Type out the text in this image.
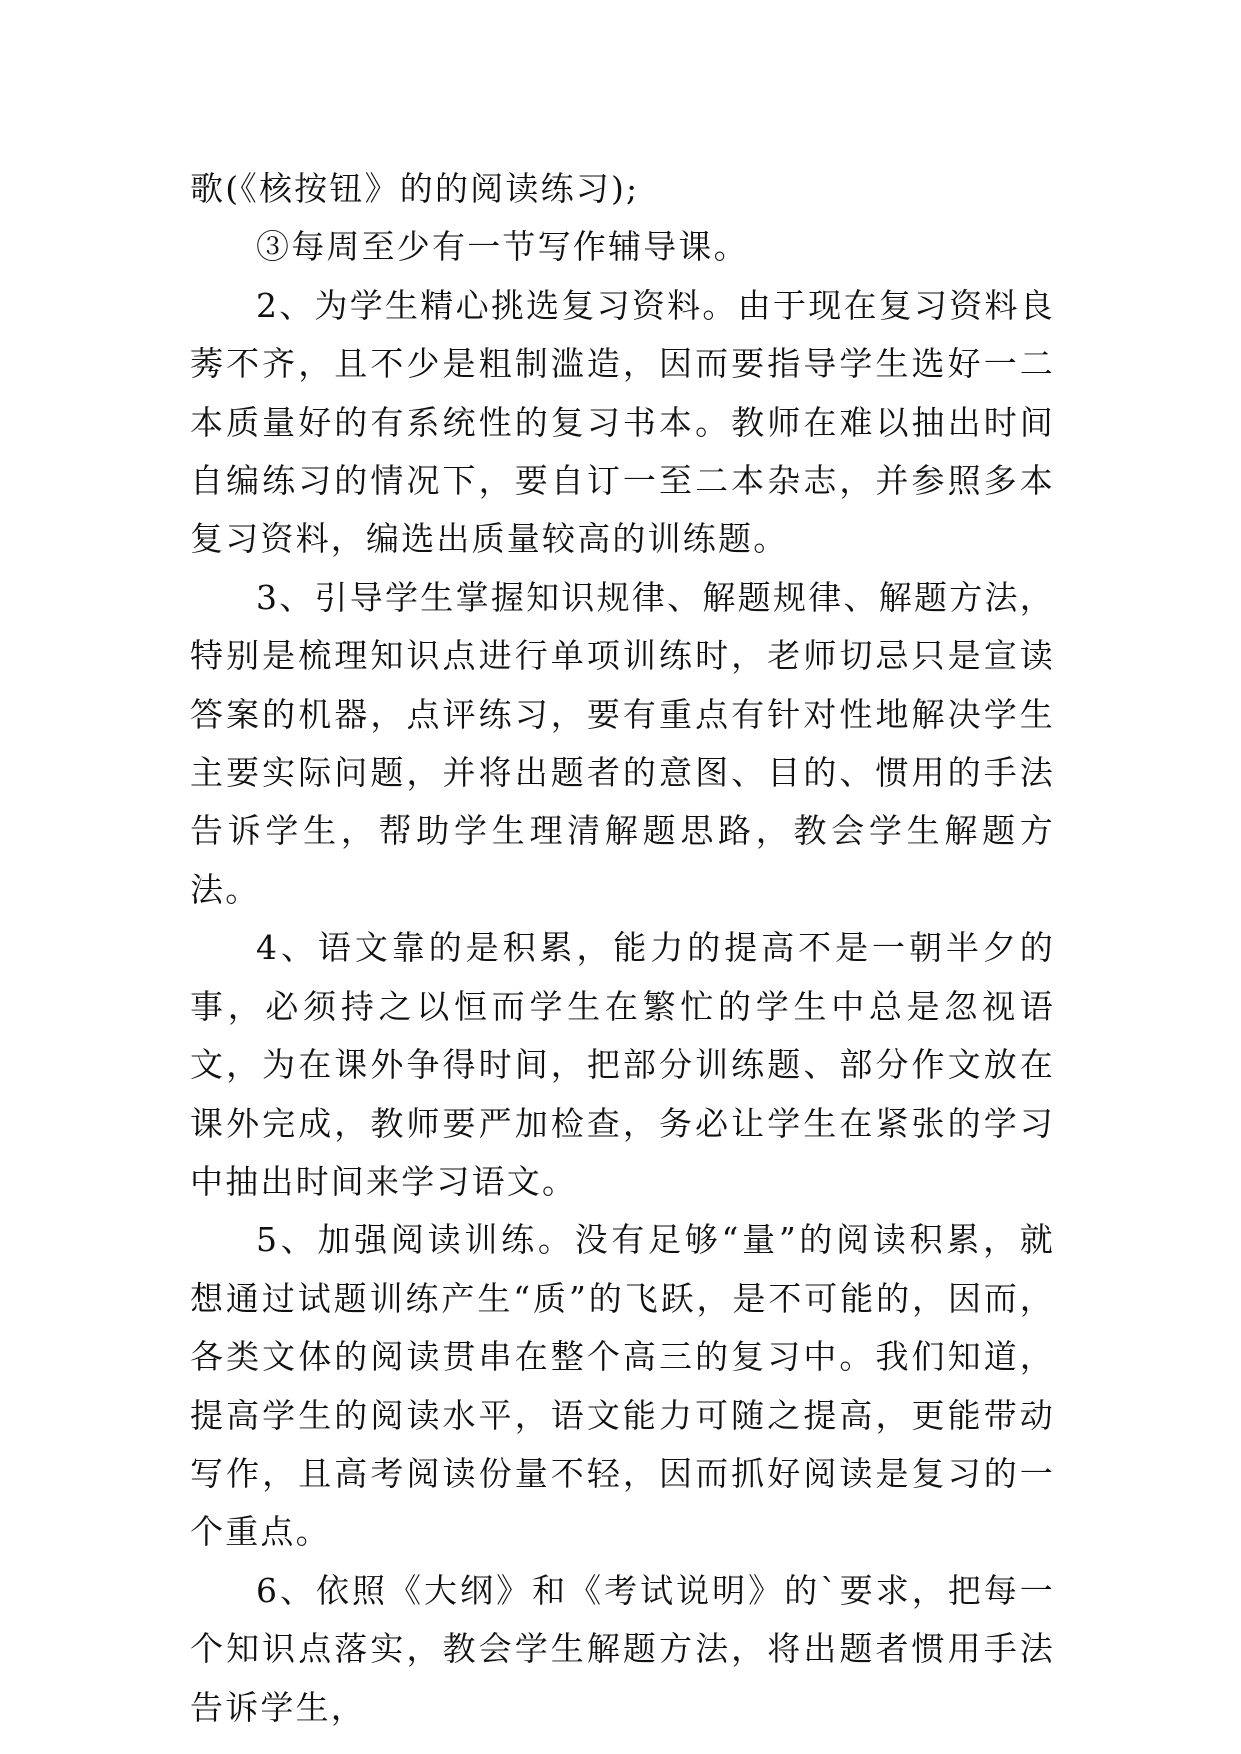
歌(《核按钮》的的阅读练习);

③每周至少有一节写作辅导课。

2、为学生精心挑选复习资料。由于现在复习资料良莠不齐，且不少是粗制滥造，因而要指导学生选好一二本质量好的有系统性的复习书本。教师在难以抽出时间自编练习的情况下，要自订一至二本杂志，并参照多本复习资料，编选出质量较高的训练题。

3、引导学生掌握知识规律、解题规律、解题方法，特别是梳理知识点进行单项训练时，老师切忌只是宣读答案的机器，点评练习，要有重点有针对性地解决学生主要实际问题，并将出题者的意图、目的、惯用的手法告诉学生，帮助学生理清解题思路，教会学生解题方法。

4、语文靠的是积累，能力的提高不是一朝半夕的事，必须持之以恒而学生在繁忙的学生中总是忽视语文，为在课外争得时间，把部分训练题、部分作文放在课外完成，教师要严加检查，务必让学生在紧张的学习中抽出时间来学习语文。

5、加强阅读训练。没有足够“量”的阅读积累，就想通过试题训练产生“质”的飞跃，是不可能的，因而，各类文体的阅读贯串在整个高三的复习中。我们知道，提高学生的阅读水平，语文能力可随之提高，更能带动写作，且高考阅读份量不轻，因而抓好阅读是复习的一个重点。

6、依照《大纲》和《考试说明》的`要求，把每一个知识点落实，教会学生解题方法，将出题者惯用手法告诉学生，
